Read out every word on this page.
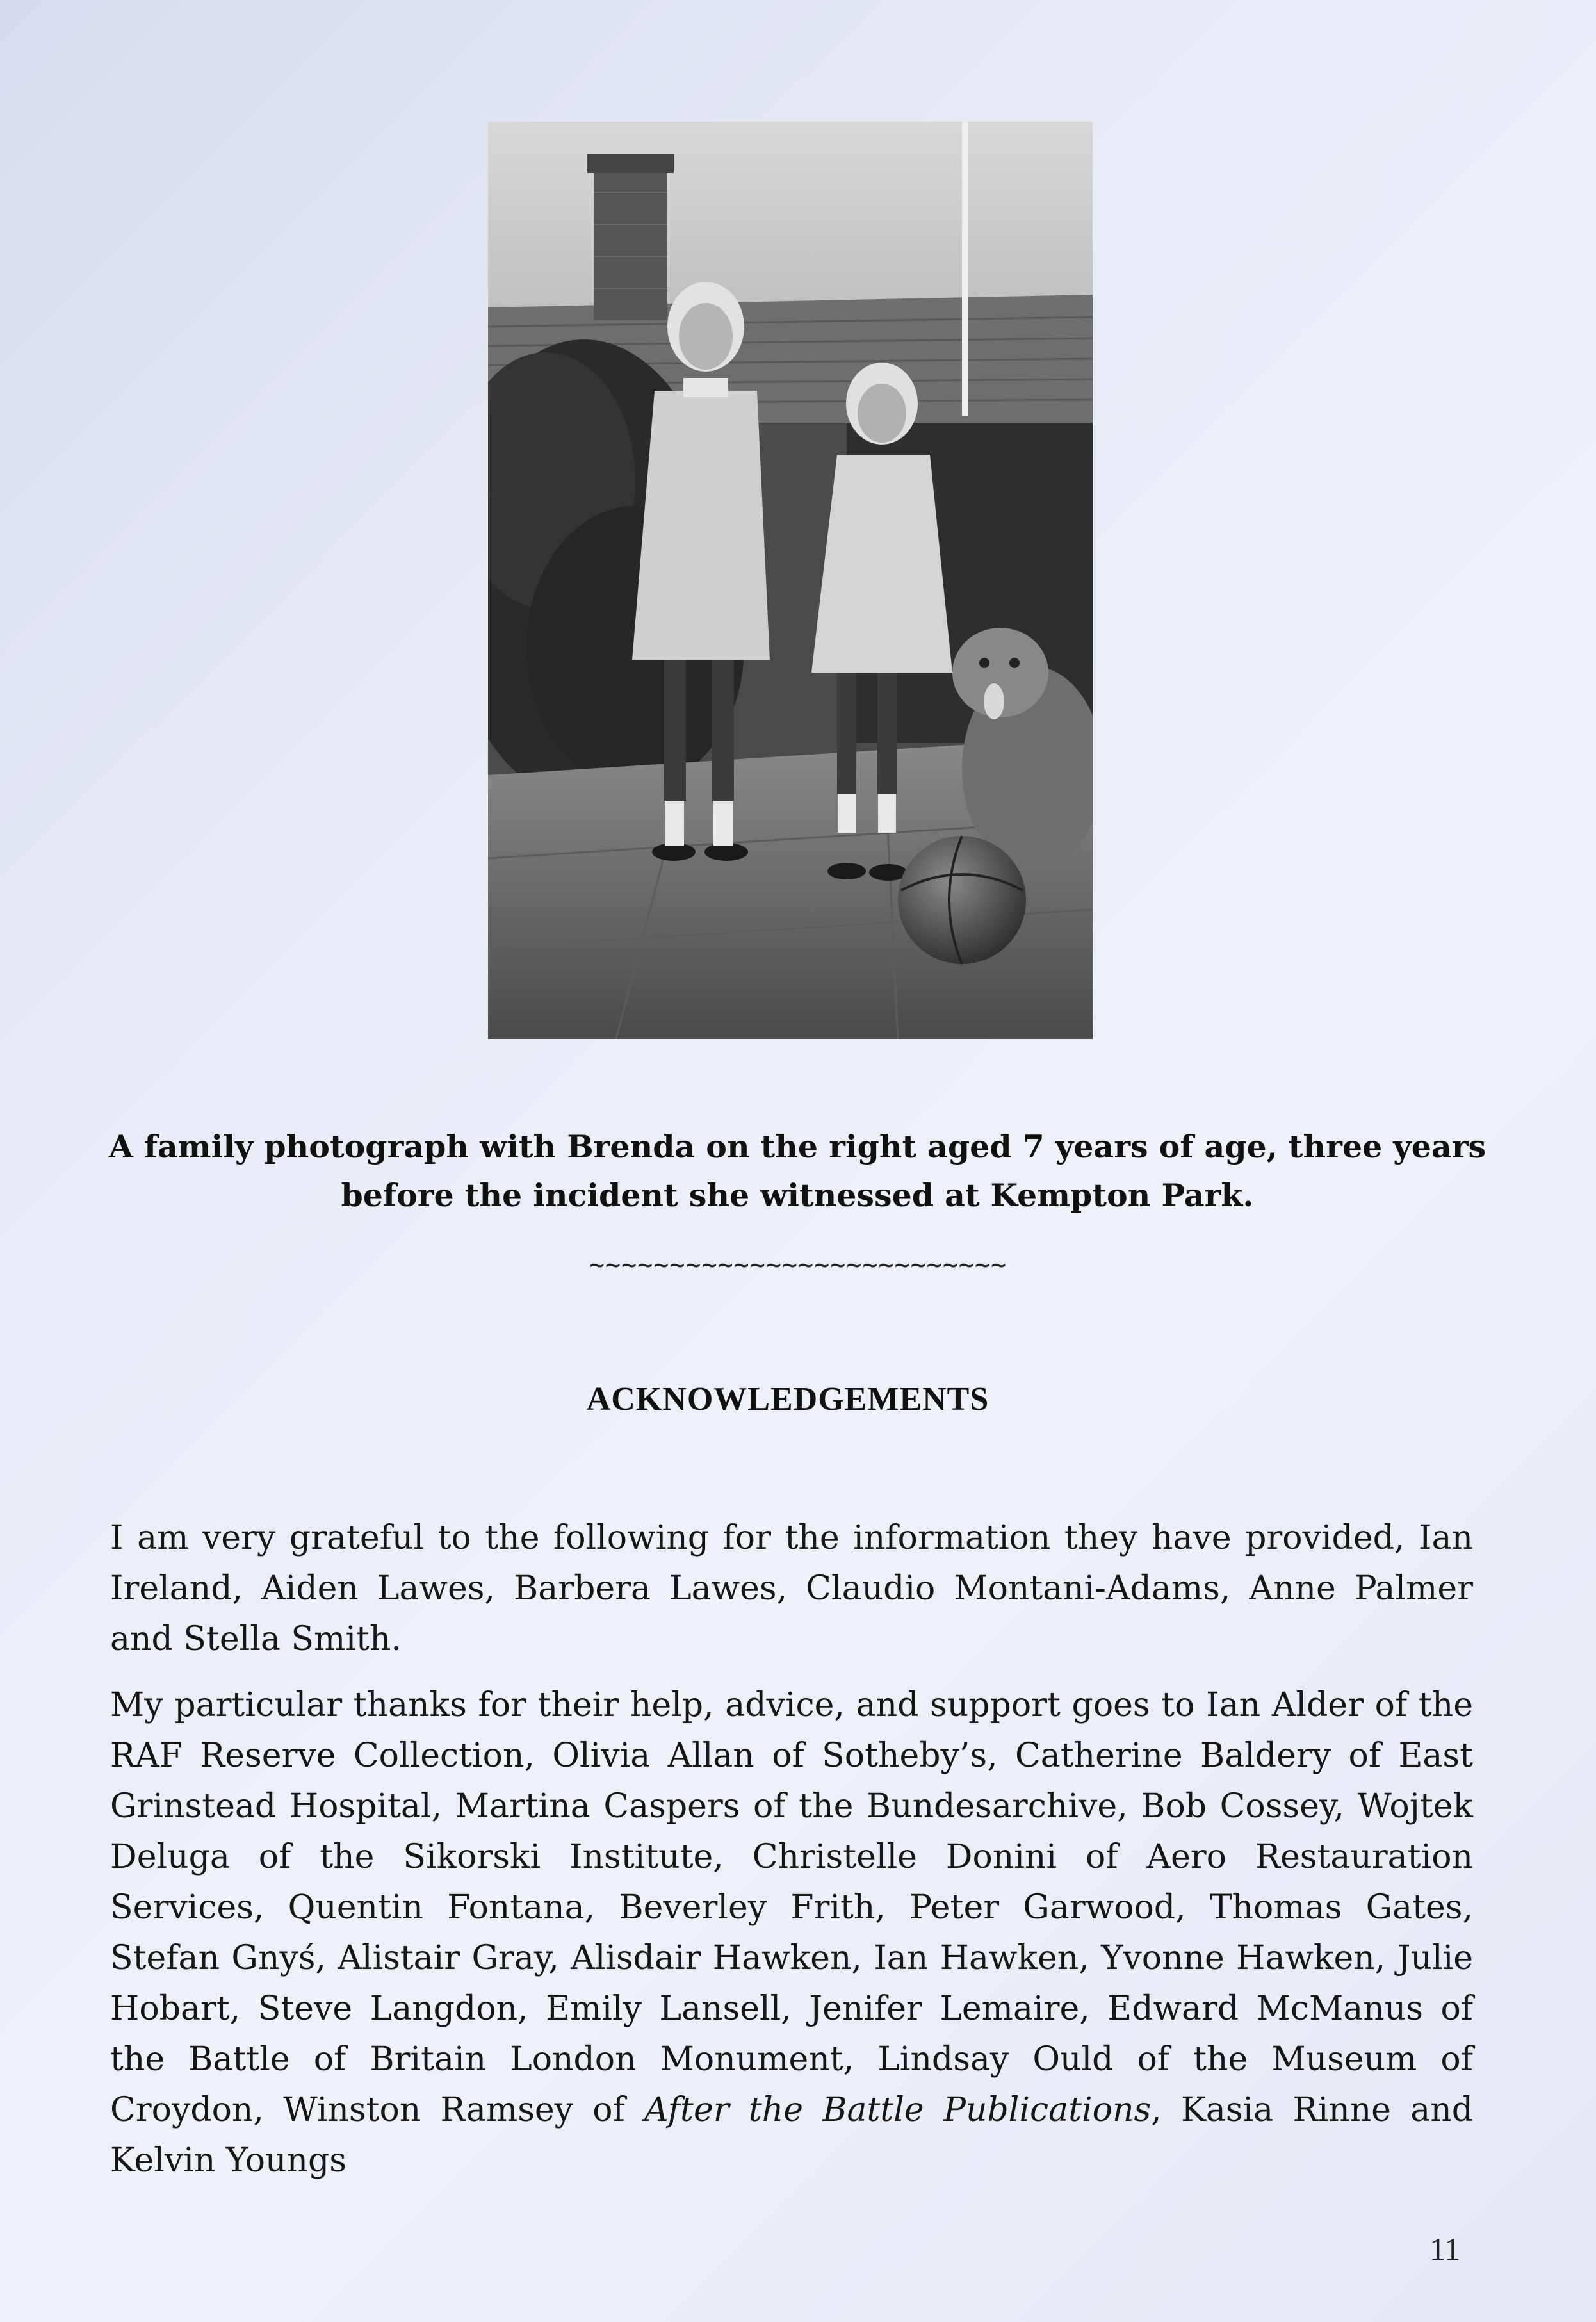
A family photograph with Brenda on the right aged 7 years of age, three years before the incident she witnessed at Kempton Park.
~~~~~~~~~~~~~~~~~~~~~~~~~~
ACKNOWLEDGEMENTS

I am very grateful to the following for the information they have provided, Ian Ireland, Aiden Lawes, Barbera Lawes, Claudio Montani-Adams, Anne Palmer and Stella Smith.

My particular thanks for their help, advice, and support goes to Ian Alder of the RAF Reserve Collection, Olivia Allan of Sotheby’s, Catherine Baldery of East Grinstead Hospital, Martina Caspers of the Bundesarchive, Bob Cossey, Wojtek Deluga of the Sikorski Institute, Christelle Donini of Aero Restauration Services, Quentin Fontana, Beverley Frith, Peter Garwood, Thomas Gates, Stefan Gnyś, Alistair Gray, Alisdair Hawken, Ian Hawken, Yvonne Hawken, Julie Hobart, Steve Langdon, Emily Lansell, Jenifer Lemaire, Edward McManus of the Battle of Britain London Monument, Lindsay Ould of the Museum of Croydon, Winston Ramsey of After the Battle Publications, Kasia Rinne and Kelvin Youngs

11
